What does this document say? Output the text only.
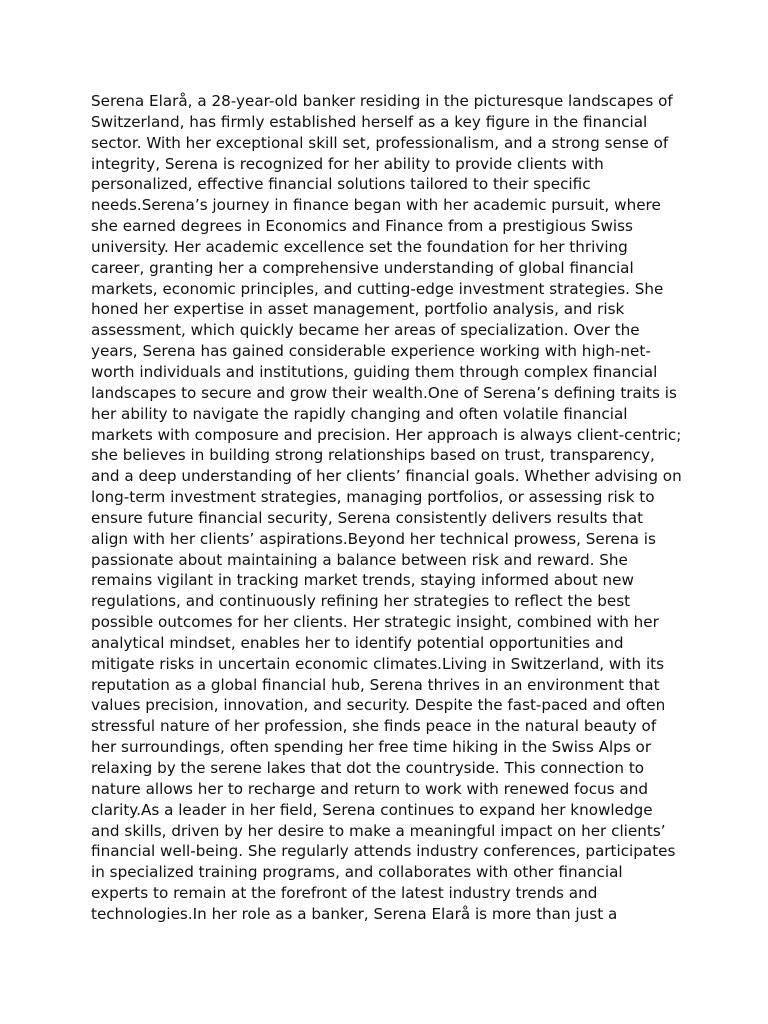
Serena Elarå, a 28-year-old banker residing in the picturesque landscapes of
Switzerland, has firmly established herself as a key figure in the financial
sector. With her exceptional skill set, professionalism, and a strong sense of
integrity, Serena is recognized for her ability to provide clients with
personalized, effective financial solutions tailored to their specific
needs.Serena’s journey in finance began with her academic pursuit, where
she earned degrees in Economics and Finance from a prestigious Swiss
university. Her academic excellence set the foundation for her thriving
career, granting her a comprehensive understanding of global financial
markets, economic principles, and cutting-edge investment strategies. She
honed her expertise in asset management, portfolio analysis, and risk
assessment, which quickly became her areas of specialization. Over the
years, Serena has gained considerable experience working with high-net-
worth individuals and institutions, guiding them through complex financial
landscapes to secure and grow their wealth.One of Serena’s defining traits is
her ability to navigate the rapidly changing and often volatile financial
markets with composure and precision. Her approach is always client-centric;
she believes in building strong relationships based on trust, transparency,
and a deep understanding of her clients’ financial goals. Whether advising on
long-term investment strategies, managing portfolios, or assessing risk to
ensure future financial security, Serena consistently delivers results that
align with her clients’ aspirations.Beyond her technical prowess, Serena is
passionate about maintaining a balance between risk and reward. She
remains vigilant in tracking market trends, staying informed about new
regulations, and continuously refining her strategies to reflect the best
possible outcomes for her clients. Her strategic insight, combined with her
analytical mindset, enables her to identify potential opportunities and
mitigate risks in uncertain economic climates.Living in Switzerland, with its
reputation as a global financial hub, Serena thrives in an environment that
values precision, innovation, and security. Despite the fast-paced and often
stressful nature of her profession, she finds peace in the natural beauty of
her surroundings, often spending her free time hiking in the Swiss Alps or
relaxing by the serene lakes that dot the countryside. This connection to
nature allows her to recharge and return to work with renewed focus and
clarity.As a leader in her field, Serena continues to expand her knowledge
and skills, driven by her desire to make a meaningful impact on her clients’
financial well-being. She regularly attends industry conferences, participates
in specialized training programs, and collaborates with other financial
experts to remain at the forefront of the latest industry trends and
technologies.In her role as a banker, Serena Elarå is more than just a
